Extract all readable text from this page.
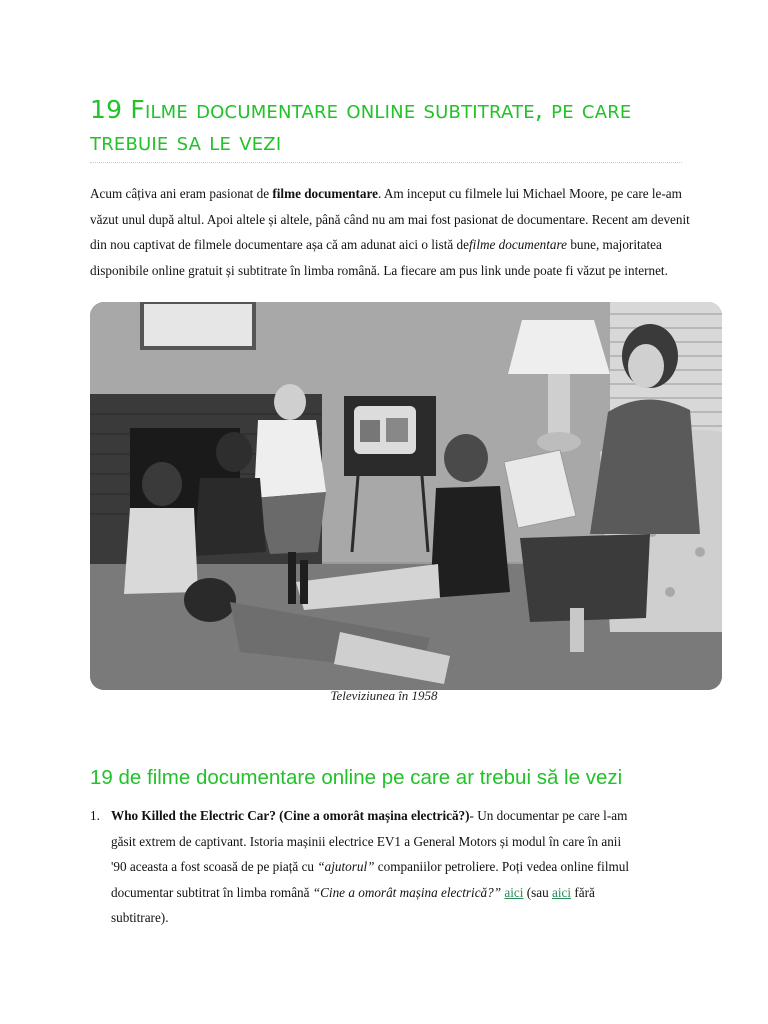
19 Filme documentare online subtitrate, pe care trebuie sa le vezi

Acum câțiva ani eram pasionat de filme documentare. Am inceput cu filmele lui Michael Moore, pe care le-am văzut unul după altul. Apoi altele și altele, până când nu am mai fost pasionat de documentare. Recent am devenit din nou captivat de filmele documentare așa că am adunat aici o listă defilme documentare bune, majoritatea disponibile online gratuit și subtitrate în limba română. La fiecare am pus link unde poate fi văzut pe internet.

Televiziunea în 1958
19 de filme documentare online pe care ar trebui să le vezi
1. Who Killed the Electric Car? (Cine a omorât mașina electrică?)- Un documentar pe care l-am găsit extrem de captivant. Istoria mașinii electrice EV1 a General Motors și modul în care în anii '90 aceasta a fost scoasă de pe piață cu “ajutorul” companiilor petroliere. Poți vedea online filmul documentar subtitrat în limba română “Cine a omorât mașina electrică?” aici (sau aici fără subtitrare).
